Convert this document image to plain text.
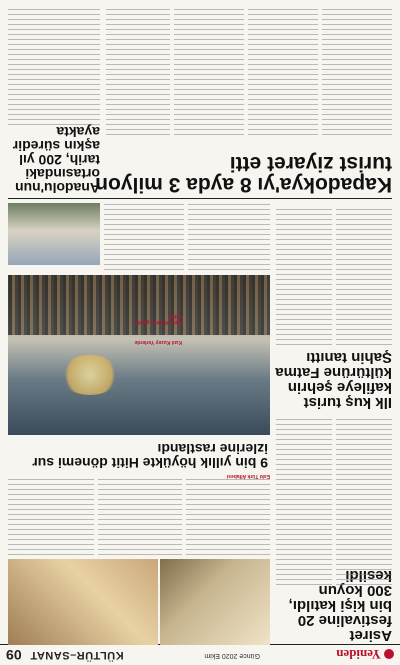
Yeniden
Günce 2020 Ekim
KÜLTÜR–SANAT
09
Asiret festivaline 20 bin kişi katıldı, 300 koyun kesildi
9 bin yıllık höyükte Hitit dönemi sur izlerine rastlandı
Ilk kuş turist kafileye şehrin kültürüne Fatma Şahin tanıttı
Kapadokya'yı 8 ayda 3 milyon turist ziyaret etti
Anadolu'nun ortasındaki tarih, 200 yıl aşkın süredir ayakta
Kızıl Kuzey Yerlerde
Kahir Kodnk, geçtik kültür
Eski Türk Alfabesi
